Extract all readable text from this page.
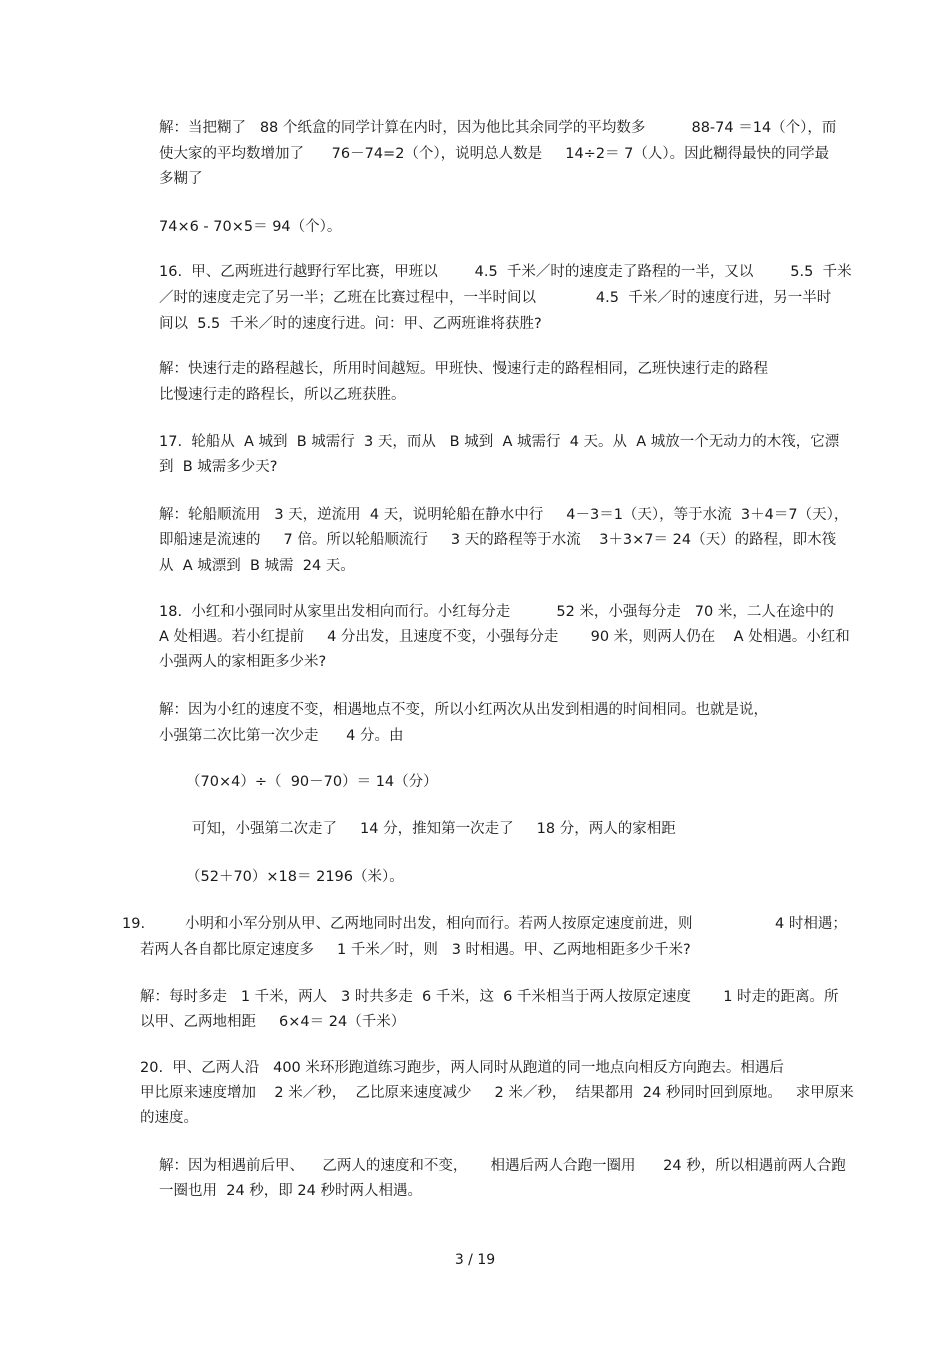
解：当把糊了   88 个纸盒的同学计算在内时，因为他比其余同学的平均数多          88-74 ＝14（个），而
使大家的平均数增加了      76－74=2（个），说明总人数是     14÷2＝ 7（人）。因此糊得最快的同学最
多糊了
74×6 - 70×5＝ 94（个）。
16.  甲、乙两班进行越野行军比赛，甲班以        4.5  千米／时的速度走了路程的一半，又以        5.5  千米
／时的速度走完了另一半；乙班在比赛过程中，一半时间以             4.5  千米／时的速度行进，另一半时
间以  5.5  千米／时的速度行进。问：甲、乙两班谁将获胜?
解：快速行走的路程越长，所用时间越短。甲班快、慢速行走的路程相同，乙班快速行走的路程
比慢速行走的路程长，所以乙班获胜。
17.  轮船从  A 城到  B 城需行  3 天，而从   B 城到  A 城需行  4 天。从  A 城放一个无动力的木筏，它漂
到  B 城需多少天?
解：轮船顺流用   3 天，逆流用  4 天，说明轮船在静水中行     4－3＝1（天），等于水流  3＋4＝7（天），
即船速是流速的     7 倍。所以轮船顺流行     3 天的路程等于水流    3＋3×7＝ 24（天）的路程，即木筏
从  A 城漂到  B 城需  24 天。
18.  小红和小强同时从家里出发相向而行。小红每分走          52 米，小强每分走   70 米，二人在途中的
A 处相遇。若小红提前     4 分出发，且速度不变，小强每分走       90 米，则两人仍在    A 处相遇。小红和
小强两人的家相距多少米?
解：因为小红的速度不变，相遇地点不变，所以小红两次从出发到相遇的时间相同。也就是说，
小强第二次比第一次少走      4 分。由
（70×4）÷（  90－70）＝ 14（分）
可知，小强第二次走了     14 分，推知第一次走了     18 分，两人的家相距
（52＋70）×18＝ 2196（米）。
19.	小明和小军分别从甲、乙两地同时出发，相向而行。若两人按原定速度前进，则	4 时相遇；
若两人各自都比原定速度多     1 千米／时，则   3 时相遇。甲、乙两地相距多少千米?
解：每时多走   1 千米，两人   3 时共多走  6 千米，这  6 千米相当于两人按原定速度       1 时走的距离。所
以甲、乙两地相距     6×4＝ 24（千米）
20.  甲、乙两人沿   400 米环形跑道练习跑步，两人同时从跑道的同一地点向相反方向跑去。相遇后
甲比原来速度增加    2 米／秒，  乙比原来速度减少     2 米／秒，  结果都用  24 秒同时回到原地。   求甲原来
的速度。
解：因为相遇前后甲、    乙两人的速度和不变，     相遇后两人合跑一圈用      24 秒，所以相遇前两人合跑
一圈也用  24 秒，即 24 秒时两人相遇。
3 / 19
